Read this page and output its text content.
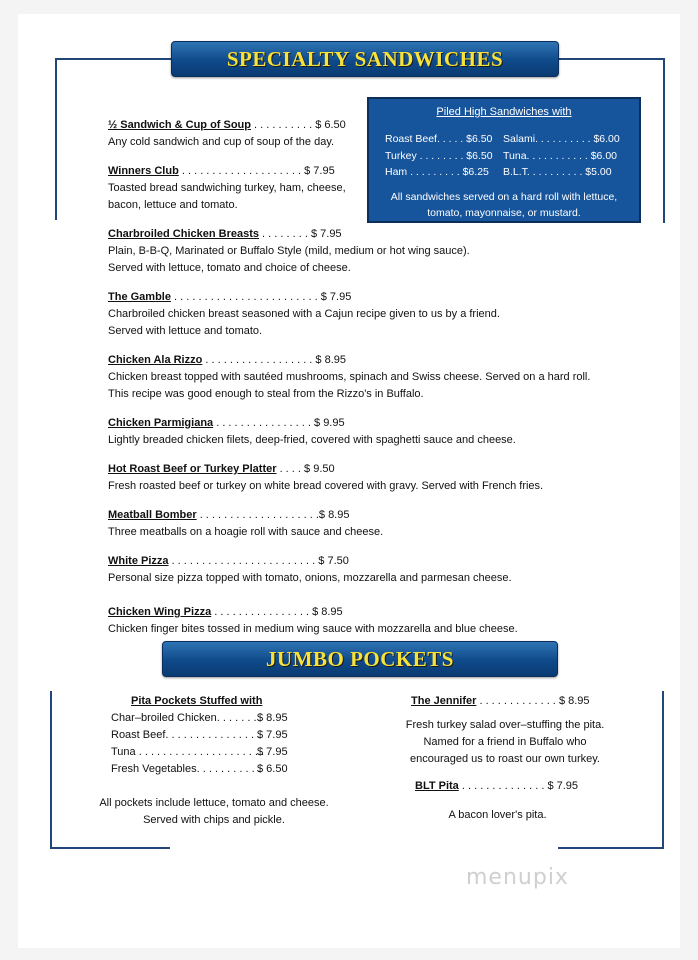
SPECIALTY SANDWICHES
Piled High Sandwiches with
Roast Beef. . . . . $6.50 Salami. . . . . . . . . . $6.00
Turkey . . . . . . . . $6.50 Tuna. . . . . . . . . . . $6.00
Ham . . . . . . . . . $6.25 B.L.T. . . . . . . . . . $5.00
All sandwiches served on a hard roll with lettuce,
tomato, mayonnaise, or mustard.
½ Sandwich & Cup of Soup . . . . . . . . . . $ 6.50
Any cold sandwich and cup of soup of the day.
Winners Club . . . . . . . . . . . . . . . . . . . . $ 7.95
Toasted bread sandwiching turkey, ham, cheese,
bacon, lettuce and tomato.
Charbroiled Chicken Breasts . . . . . . . . $ 7.95
Plain, B-B-Q, Marinated or Buffalo Style (mild, medium or hot wing sauce).
Served with lettuce, tomato and choice of cheese.
The Gamble . . . . . . . . . . . . . . . . . . . . . . . . $ 7.95
Charbroiled chicken breast seasoned with a Cajun recipe given to us by a friend.
Served with lettuce and tomato.
Chicken Ala Rizzo . . . . . . . . . . . . . . . . . . $ 8.95
Chicken breast topped with sautéed mushrooms, spinach and Swiss cheese. Served on a hard roll.
This recipe was good enough to steal from the Rizzo's in Buffalo.
Chicken Parmigiana . . . . . . . . . . . . . . . . $ 9.95
Lightly breaded chicken filets, deep-fried, covered with spaghetti sauce and cheese.
Hot Roast Beef or Turkey Platter . . . . $ 9.50
Fresh roasted beef or turkey on white bread covered with gravy. Served with French fries.
Meatball Bomber . . . . . . . . . . . . . . . . . . . .$ 8.95
Three meatballs on a hoagie roll with sauce and cheese.
White Pizza . . . . . . . . . . . . . . . . . . . . . . . . $ 7.50
Personal size pizza topped with tomato, onions, mozzarella and parmesan cheese.
Chicken Wing Pizza . . . . . . . . . . . . . . . . $ 8.95
Chicken finger bites tossed in medium wing sauce with mozzarella and blue cheese.
JUMBO POCKETS
Pita Pockets Stuffed with
Char–broiled Chicken. . . . . . . $ 8.95
Roast Beef. . . . . . . . . . . . . . . .
$ 7.95
Tuna . . . . . . . . . . . . . . . . . . . . .
$ 7.95
Fresh Vegetables. . . . . . . . . . .
$ 6.50
All pockets include lettuce, tomato and cheese.
Served with chips and pickle.
The Jennifer . . . . . . . . . . . . . $ 8.95
Fresh turkey salad over–stuffing the pita.
Named for a friend in Buffalo who
encouraged us to roast our own turkey.
BLT Pita . . . . . . . . . . . . . . $ 7.95
A bacon lover's pita.
menupix
